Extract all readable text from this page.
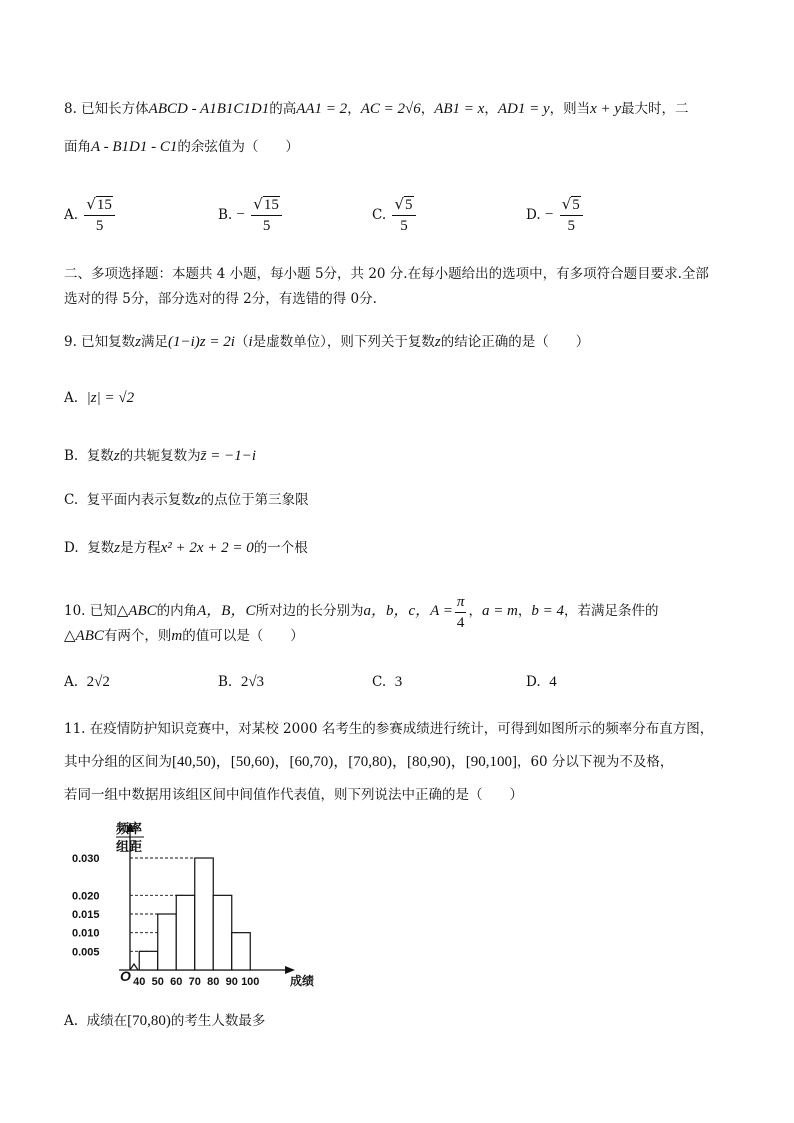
8. 已知长方体ABCD - A1B1C1D1的高AA1 = 2，AC = 2√6，AB1 = x，AD1 = y，则当x + y最大时，二
面角A - B1D1 - C1的余弦值为（　　）
A. $\frac{√15}{5}$	B. − $\frac{√15}{5}$	C. $\frac{√5}{5}$	D. − $\frac{√5}{5}$
二、多项选择题：本题共 4 小题，每小题 5分，共 20 分.在每小题给出的选项中，有多项符合题目要求.全部
选对的得 5分，部分选对的得 2分，有选错的得 0分.
9. 已知复数z满足(1−i)z = 2i（i是虚数单位），则下列关于复数z的结论正确的是（　　）
A. |z| = √2
B. 复数z的共轭复数为z̄ = −1−i
C. 复平面内表示复数z的点位于第三象限
D. 复数z是方程x² + 2x + 2 = 0的一个根
10. 已知△ABC的内角A，B，C所对边的长分别为a，b，c，$A = \frac{\pi}{4}$ ，a = m，b = 4，若满足条件的
△ABC有两个，则m的值可以是（　　）
A. 2√2	B. 2√3	C. 3	D. 4
11. 在疫情防护知识竞赛中，对某校 2000 名考生的参赛成绩进行统计，可得到如图所示的频率分布直方图，
其中分组的区间为[40,50)，[50,60)，[60,70)，[70,80)，[80,90)，[90,100]，60 分以下视为不及格，
若同一组中数据用该组区间中间值作代表值，则下列说法中正确的是（　　）
频率
组距
O	成绩
0.005
0.010
0.015
0.020
0.030
40 50 60 70 80 90 100
A. 成绩在[70,80)的考生人数最多
